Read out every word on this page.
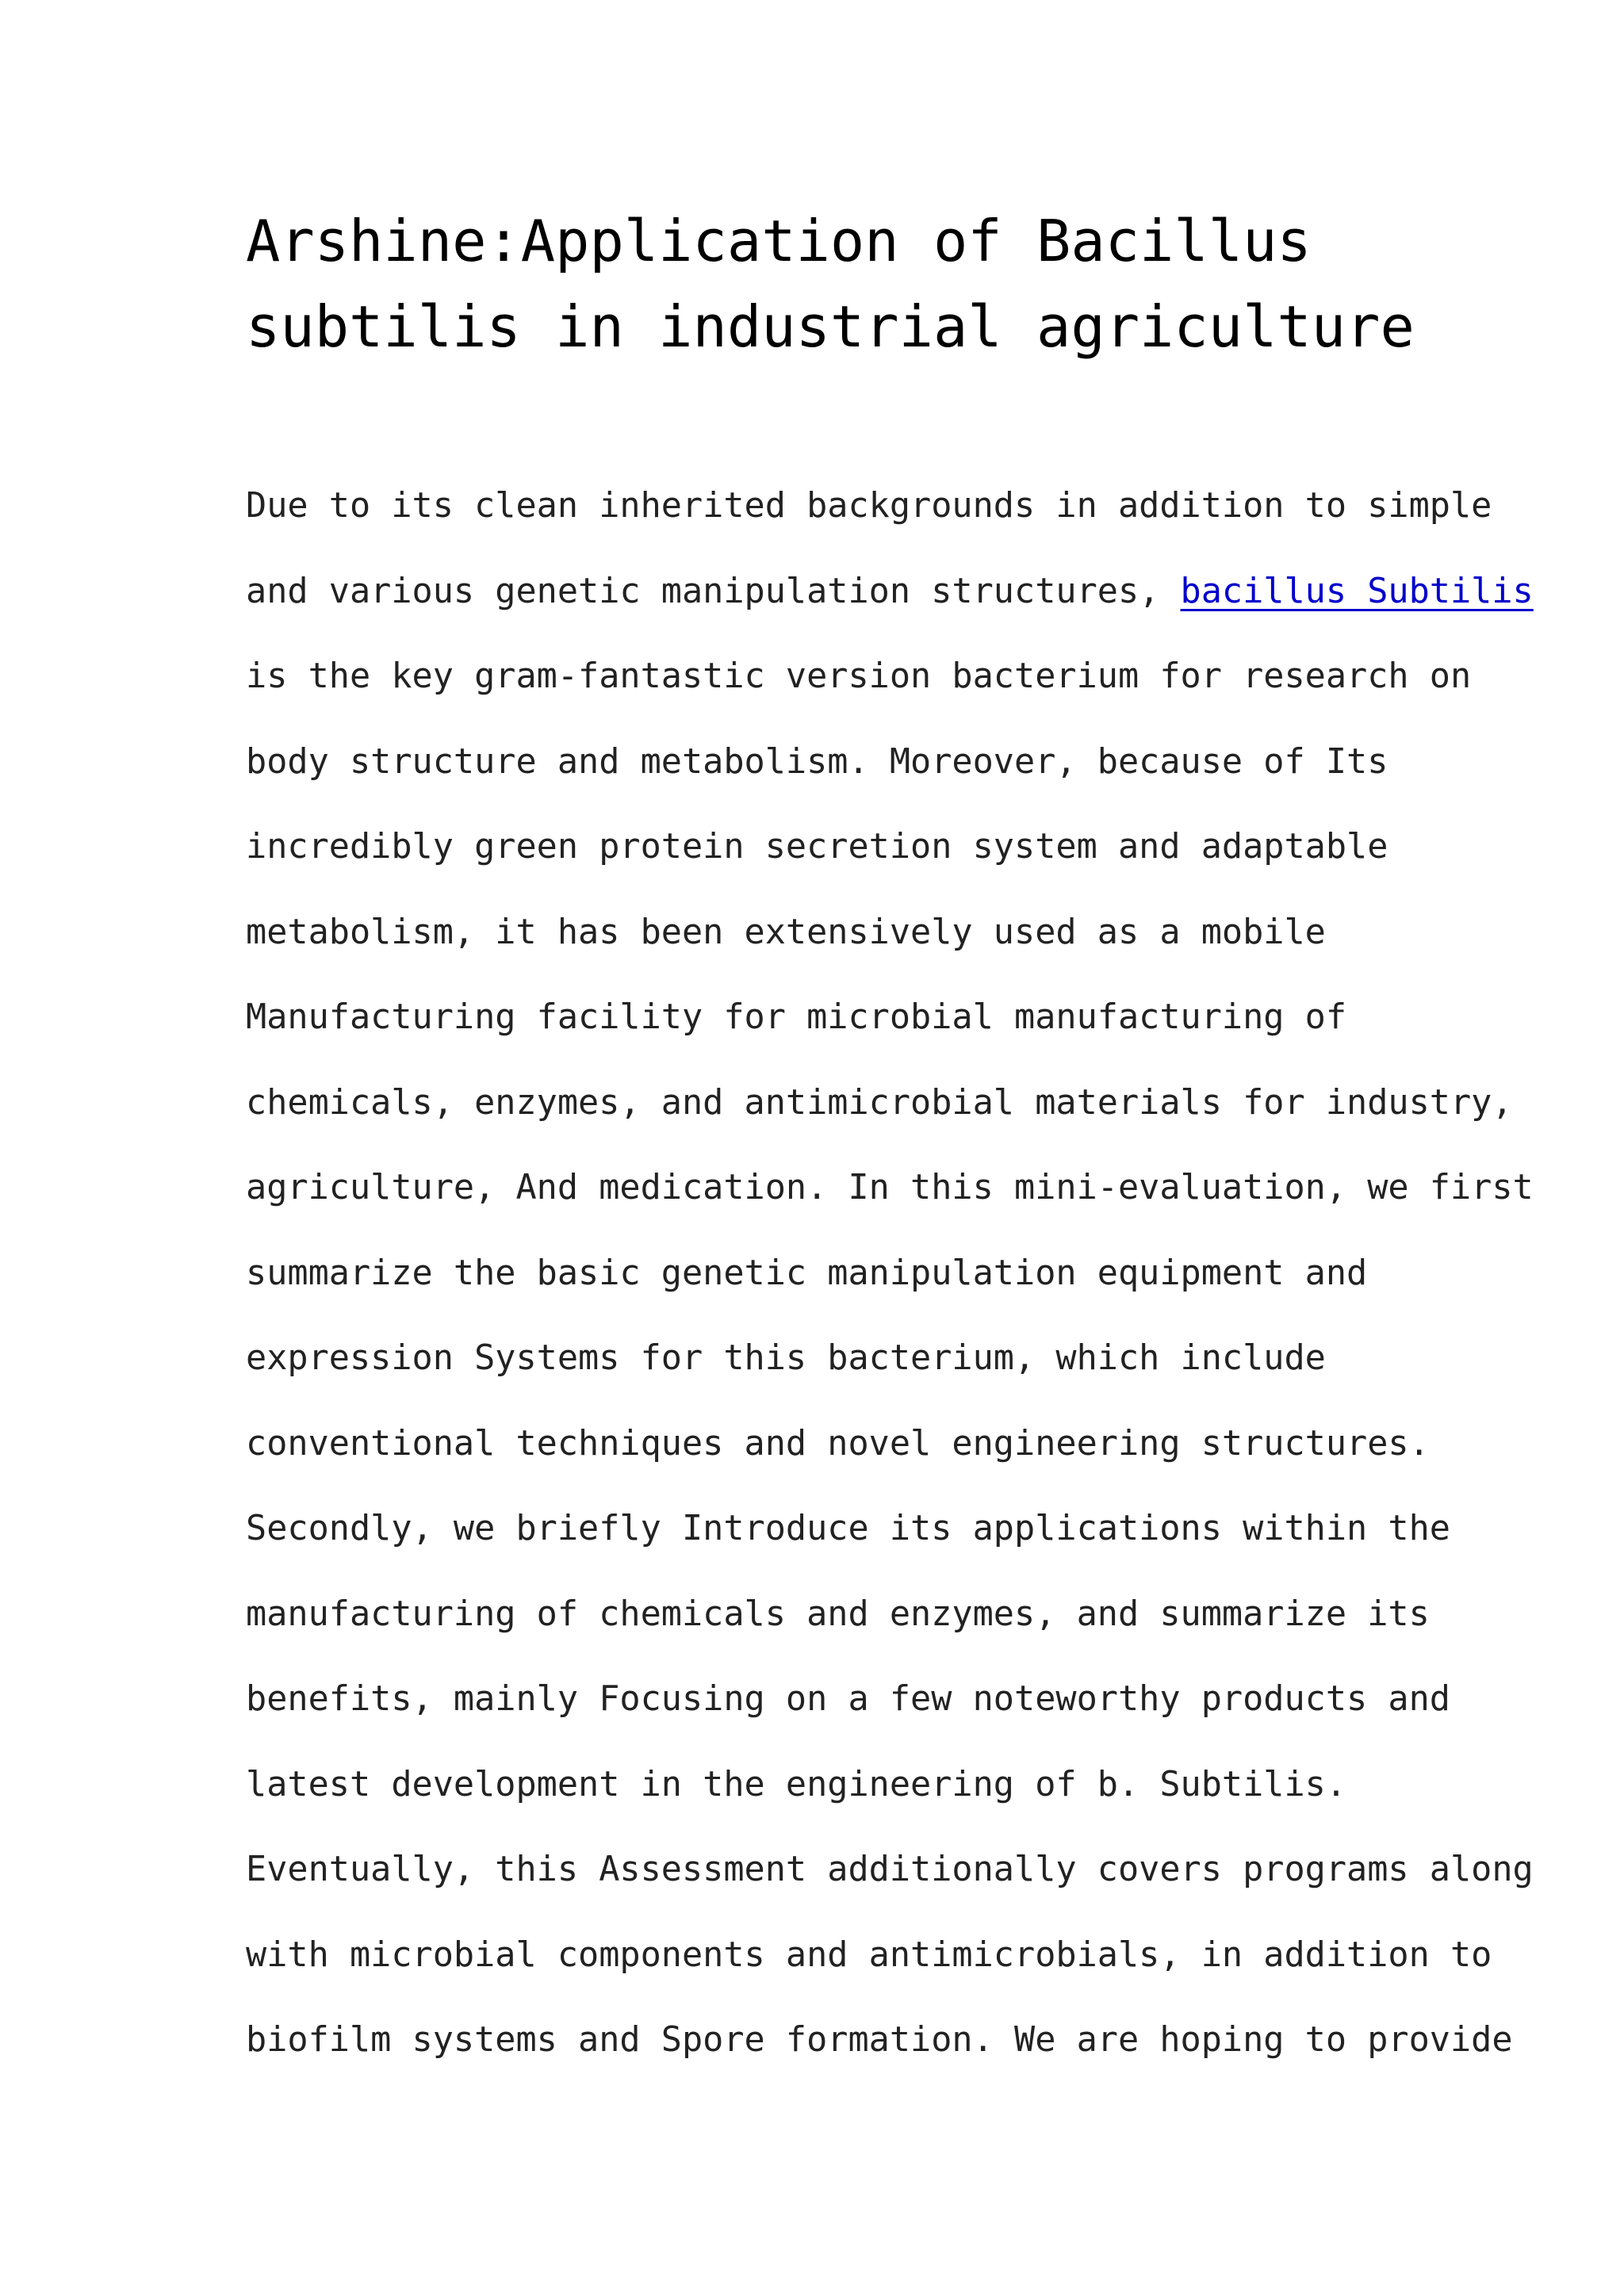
Arshine:Application of Bacillus
subtilis in industrial agriculture
Due to its clean inherited backgrounds in addition to simple
and various genetic manipulation structures, bacillus Subtilis
is the key gram-fantastic version bacterium for research on
body structure and metabolism. Moreover, because of Its
incredibly green protein secretion system and adaptable
metabolism, it has been extensively used as a mobile
Manufacturing facility for microbial manufacturing of
chemicals, enzymes, and antimicrobial materials for industry,
agriculture, And medication. In this mini-evaluation, we first
summarize the basic genetic manipulation equipment and
expression Systems for this bacterium, which include
conventional techniques and novel engineering structures.
Secondly, we briefly Introduce its applications within the
manufacturing of chemicals and enzymes, and summarize its
benefits, mainly Focusing on a few noteworthy products and
latest development in the engineering of b. Subtilis.
Eventually, this Assessment additionally covers programs along
with microbial components and antimicrobials, in addition to
biofilm systems and Spore formation. We are hoping to provide
